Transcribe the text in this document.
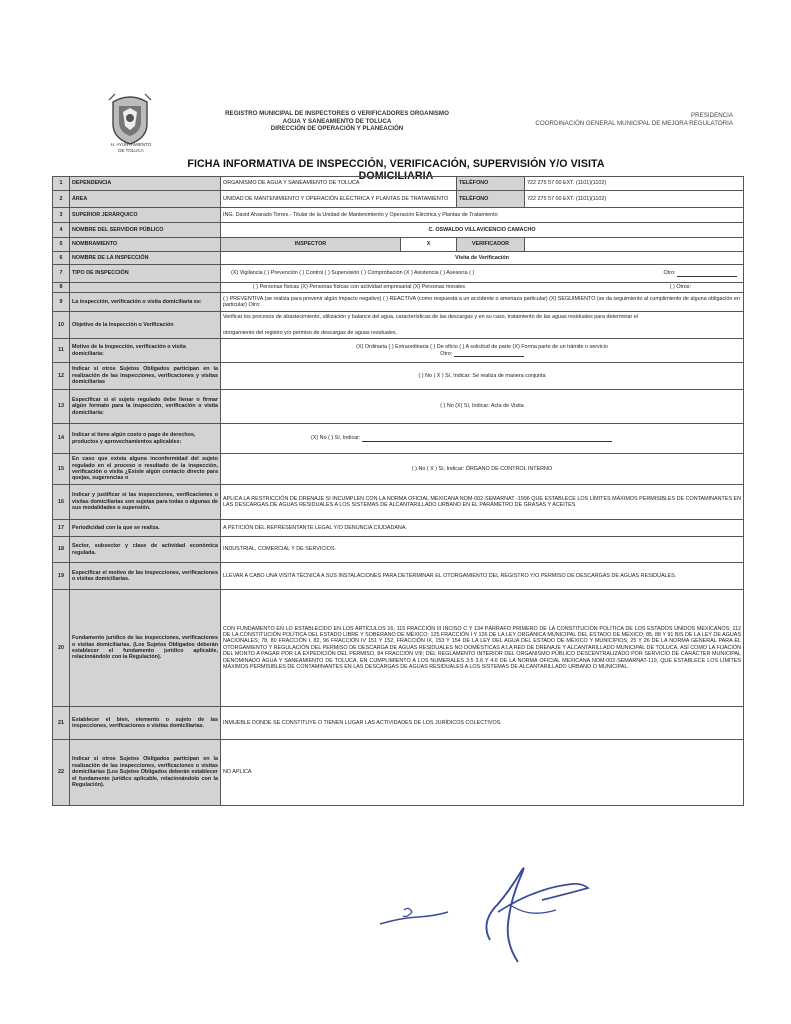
H. AYUNTAMIENTO
DE TOLUCA
REGISTRO MUNICIPAL DE INSPECTORES O VERIFICADORES ORGANISMO
AGUA Y SANEAMIENTO DE TOLUCA
DIRECCIÓN DE OPERACIÓN Y PLANEACIÓN
PRESIDENCIA
COORDINACIÓN GENERAL MUNICIPAL DE MEJORA REGULATORIA
FICHA INFORMATIVA DE INSPECCIÓN, VERIFICACIÓN, SUPERVISIÓN Y/O VISITA DOMICILIARIA
1	DEPENDENCIA	ORGANISMO DE AGUA Y SANEAMIENTO DE TOLUCA		TELÉFONO	722 275 57 00 EXT. (1101)(1102)
2	ÁREA	UNIDAD DE MANTENIMIENTO Y OPERACIÓN ELÉCTRICA Y PLANTAS DE TRATAMIENTO		TELÉFONO	722 275 57 00 EXT. (1101)(1102)
3	SUPERIOR JERÁRQUICO	ING. David Alvarado Torres.- Titular de la Unidad de Mantenimiento y Operación Eléctrica y Plantas de Tratamiento			
4	NOMBRE DEL SERVIDOR PÚBLICO	C. OSWALDO VILLAVICENCIO CAMACHO			
5	NOMBRAMIENTO	INSPECTOR	X	VERIFICADOR	
6	NOMBRE DE LA INSPECCIÓN	Visita de Verificación			
7	TIPO DE INSPECCIÓN	(X) Vigilancia ( ) Prevención ( ) Control ( ) Supervisión ( ) Comprobación (X ) Asistencia ( ) Asesoría ( ) Otro:			

8		( ) Personas físicas (X) Personas físicas con actividad empresarial (X) Personas morales ( ) Otros:			

9	La inspección, verificación o visita domiciliaria es:	( ) PREVENTIVA (se realiza para prevenir algún impacto negativo) ( ) REACTIVA (como respuesta a un accidente o amenaza particular) (X) SEGUIMIENTO (se da seguimiento al cumplimiento de alguna obligación en particular) Otro:			
10	Objetivo de la Inspección o Verificación	Verificar los procesos de abastecimiento, utilización y balance del agua, características de las descargas y en su caso, tratamiento de las aguas residuales para determinar el
otorgamiento del registro y/o permiso de descargas de aguas residuales.			

11	Motivo de la inspección, verificación o visita domiciliaria:	(X) Ordinaria ( ) Extraordinaria ( ) De oficio ( ) A solicitud de parte (X) Forma parte de un trámite o servicio
Otro:			

12	Indicar si otros Sujetos Obligados participan en la realización de las inspecciones, verificaciones y visitas domiciliarias	( ) No ( X ) Sí, Indicar: Se realiza de manera conjunta			
13	Especificar si el sujeto regulado debe llenar o firmar algún formato para la inspección, verificación o visita domiciliaria:	( ) No (X) Sí, Indicar: Acta de Visita			
14	Indicar si tiene algún costo o pago de derechos, productos y aprovechamientos aplicables:	(X) No ( ) Sí, Indicar:			
15	En caso que exista alguna inconformidad del sujeto regulado en el proceso o resultado de la inspección, verificación o visita ¿Existe algún contacto directo para quejas, sugerencias o	( ) No ( X ) Sí, Indicar: ÓRGANO DE CONTROL INTERNO			
16	Indicar y justificar si las inspecciones, verificaciones o visitas domiciliarias son sujetas para todas o algunas de sus modalidades o supensión.	APLICA LA RESTRICCIÓN DE DRENAJE SI INCUMPLEN CON LA NORMA OFICIAL MEXICANA NOM-002-SEMARNAT -1996 QUE ESTABLECE LOS LÍMITES MÁXIMOS PERMISIBLES DE CONTAMINANTES EN LAS DESCARGAS DE AGUAS RESIDUALES A LOS SISTEMAS DE ALCANTARILLADO URBANO EN EL PARÁMETRO DE GRASAS Y ACEITES			
17	Periodicidad con la que se realiza.	A PETICIÓN DEL REPRESENTANTE LEGAL Y/O DENUNCIA CIUDADANA.			
18	Sector, subsector y clase de actividad económica regulada.	INDUSTRIAL, COMERCIAL Y DE SERVICIOS.			
19	Especificar el motivo de las inspecciones, verificaciones o visitas domiciliarias.	LLEVAR A CABO UNA VISITA TÉCNICA A SUS INSTALACIONES PARA DETERMINAR EL OTORGAMIENTO DEL REGISTRO Y/O PERMISO DE DESCARGAS DE AGUAS RESIDUALES.			
20	Fundamento jurídico de las inspecciones, verificaciones o visitas domiciliarias. (Los Sujetos Obligados deberán establecer el fundamento jurídico aplicable, relacionándolo con la Regulación).	CON FUNDAMENTO EN LO ESTABLECIDO EN LOS ARTÍCULOS 16, 115 FRACCIÓN III INCISO C Y 134 PÁRRAFO PRIMERO DE LA CONSTITUCIÓN POLÍTICA DE LOS ESTADOS UNIDOS MEXICANOS; 112 DE LA CONSTITUCIÓN POLÍTICA DEL ESTADO LIBRE Y SOBERANO DE MÉXICO; 125 FRACCIÓN I Y 126 DE LA LEY ORGÁNICA MUNICIPAL DEL ESTADO DE MÉXICO; 85, 88 Y 91 BIS DE LA LEY DE AGUAS NACIONALES; 78, 80 FRACCIÓN I, 82, 96 FRACCIÓN IV 151 Y 152, FRACCIÓN IX, 153 Y 154 DE LA LEY DEL AGUA DEL ESTADO DE MÉXICO Y MUNICIPIOS; 25 Y 26 DE LA NORMA GENERAL PARA EL OTORGAMIENTO Y REGULACIÓN DEL PERMISO DE DESCARGA DE AGUAS RESIDUALES NO DOMÉSTICAS A LA RED DE DRENAJE Y ALCANTARILLADO MUNICIPAL DE TOLUCA, ASÍ COMO LA FIJACIÓN DEL MONTO A PAGAR POR LA EXPEDICIÓN DEL PERMISO, 84 FRACCIÓN VIII; DEL REGLAMENTO INTERIOR DEL ORGANISMO PÚBLICO DESCENTRALIZADO POR SERVICIO DE CARÁCTER MUNICIPAL DENOMINADO AGUA Y SANEAMIENTO DE TOLUCA, EN CUMPLIMIENTO A LOS NUMERALES 3.5 3.6 Y 4.6 DE LA NORMA OFICIAL MEXICANA NOM-002-SEMARNAT-119, QUE ESTABLECE LOS LÍMITES MÁXIMOS PERMISIBLES DE CONTAMINANTES EN LAS DESCARGAS DE AGUAS RESIDUALES A LOS SISTEMAS DE ALCANTARILLADO URBANO O MUNICIPAL.			
21	Establecer el bien, elemento o sujeto de las inspecciones, verificaciones o visitas domiciliarias.	INMUEBLE DONDE SE CONSTITUYE O TIENEN LUGAR LAS ACTIVIDADES DE LOS JURÍDICOS COLECTIVOS.			
22	Indicar si otros Sujetos Obligados participan en la realización de las inspecciones, verificaciones o visitas domiciliarias (Los Sujetos Obligados deberán establecer el fundamento jurídico aplicable, relacionándolo con la Regulación).	NO APLICA			
